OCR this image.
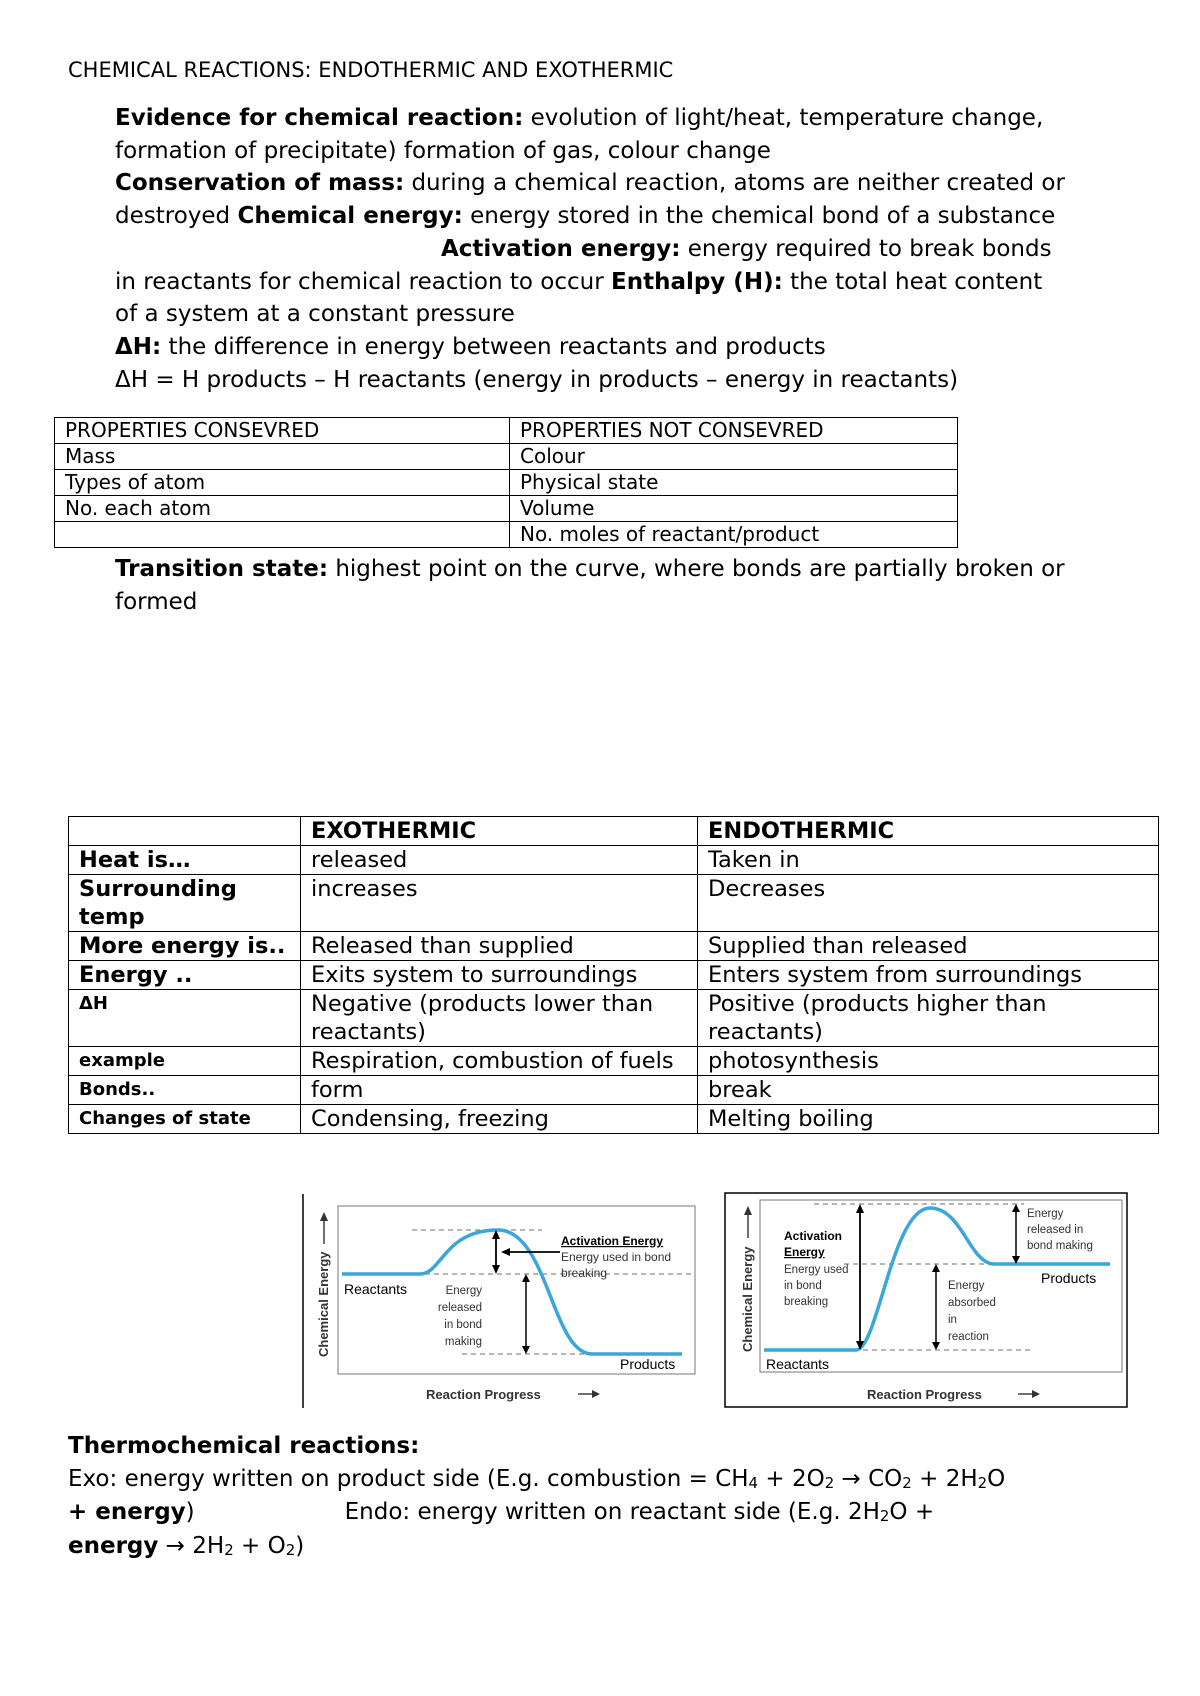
CHEMICAL REACTIONS: ENDOTHERMIC AND EXOTHERMIC
Evidence for chemical reaction: evolution of light/heat, temperature change, formation of precipitate) formation of gas, colour change
Conservation of mass: during a chemical reaction, atoms are neither created or destroyed Chemical energy: energy stored in the chemical bond of a substanceActivation energy: energy required to break bonds in reactants for chemical reaction to occur Enthalpy (H): the total heat content of a system at a constant pressure
ΔH: the difference in energy between reactants and products
ΔH = H products – H reactants (energy in products – energy in reactants)
PROPERTIES CONSEVRED	PROPERTIES NOT CONSEVRED
Mass	Colour
Types of atom	Physical state
No. each atom	Volume
	No. moles of reactant/product
Transition state: highest point on the curve, where bonds are partially broken or formed
	EXOTHERMIC	ENDOTHERMIC
Heat is…	released	Taken in
Surrounding temp	increases	Decreases
More energy is..	Released than supplied	Supplied than released
Energy ..	Exits system to surroundings	Enters system from surroundings
ΔH	Negative (products lower than reactants)	Positive (products higher than reactants)
example	Respiration, combustion of fuels	photosynthesis
Bonds..	form	break
Changes of state	Condensing, freezing	Melting boiling
Activation Energy
Energy used in bond
breaking
Reactants	Energy
released
in bond
making
Products
Chemical Energy
Reaction Progress
Activation
Energy
Energy used
in bond
breaking
Energy
released in
bond making
Products
Energy
absorbed
in
reaction
Reactants
Chemical Energy
Reaction Progress
Thermochemical reactions:
Exo: energy written on product side (E.g. combustion = $CH_4 + 2O_2 \to CO_2 + 2H_2O$
+ energy)	Endo: energy written on reactant side (E.g. $2H_2O$ +
energy → $2H_2 + O_2$)
